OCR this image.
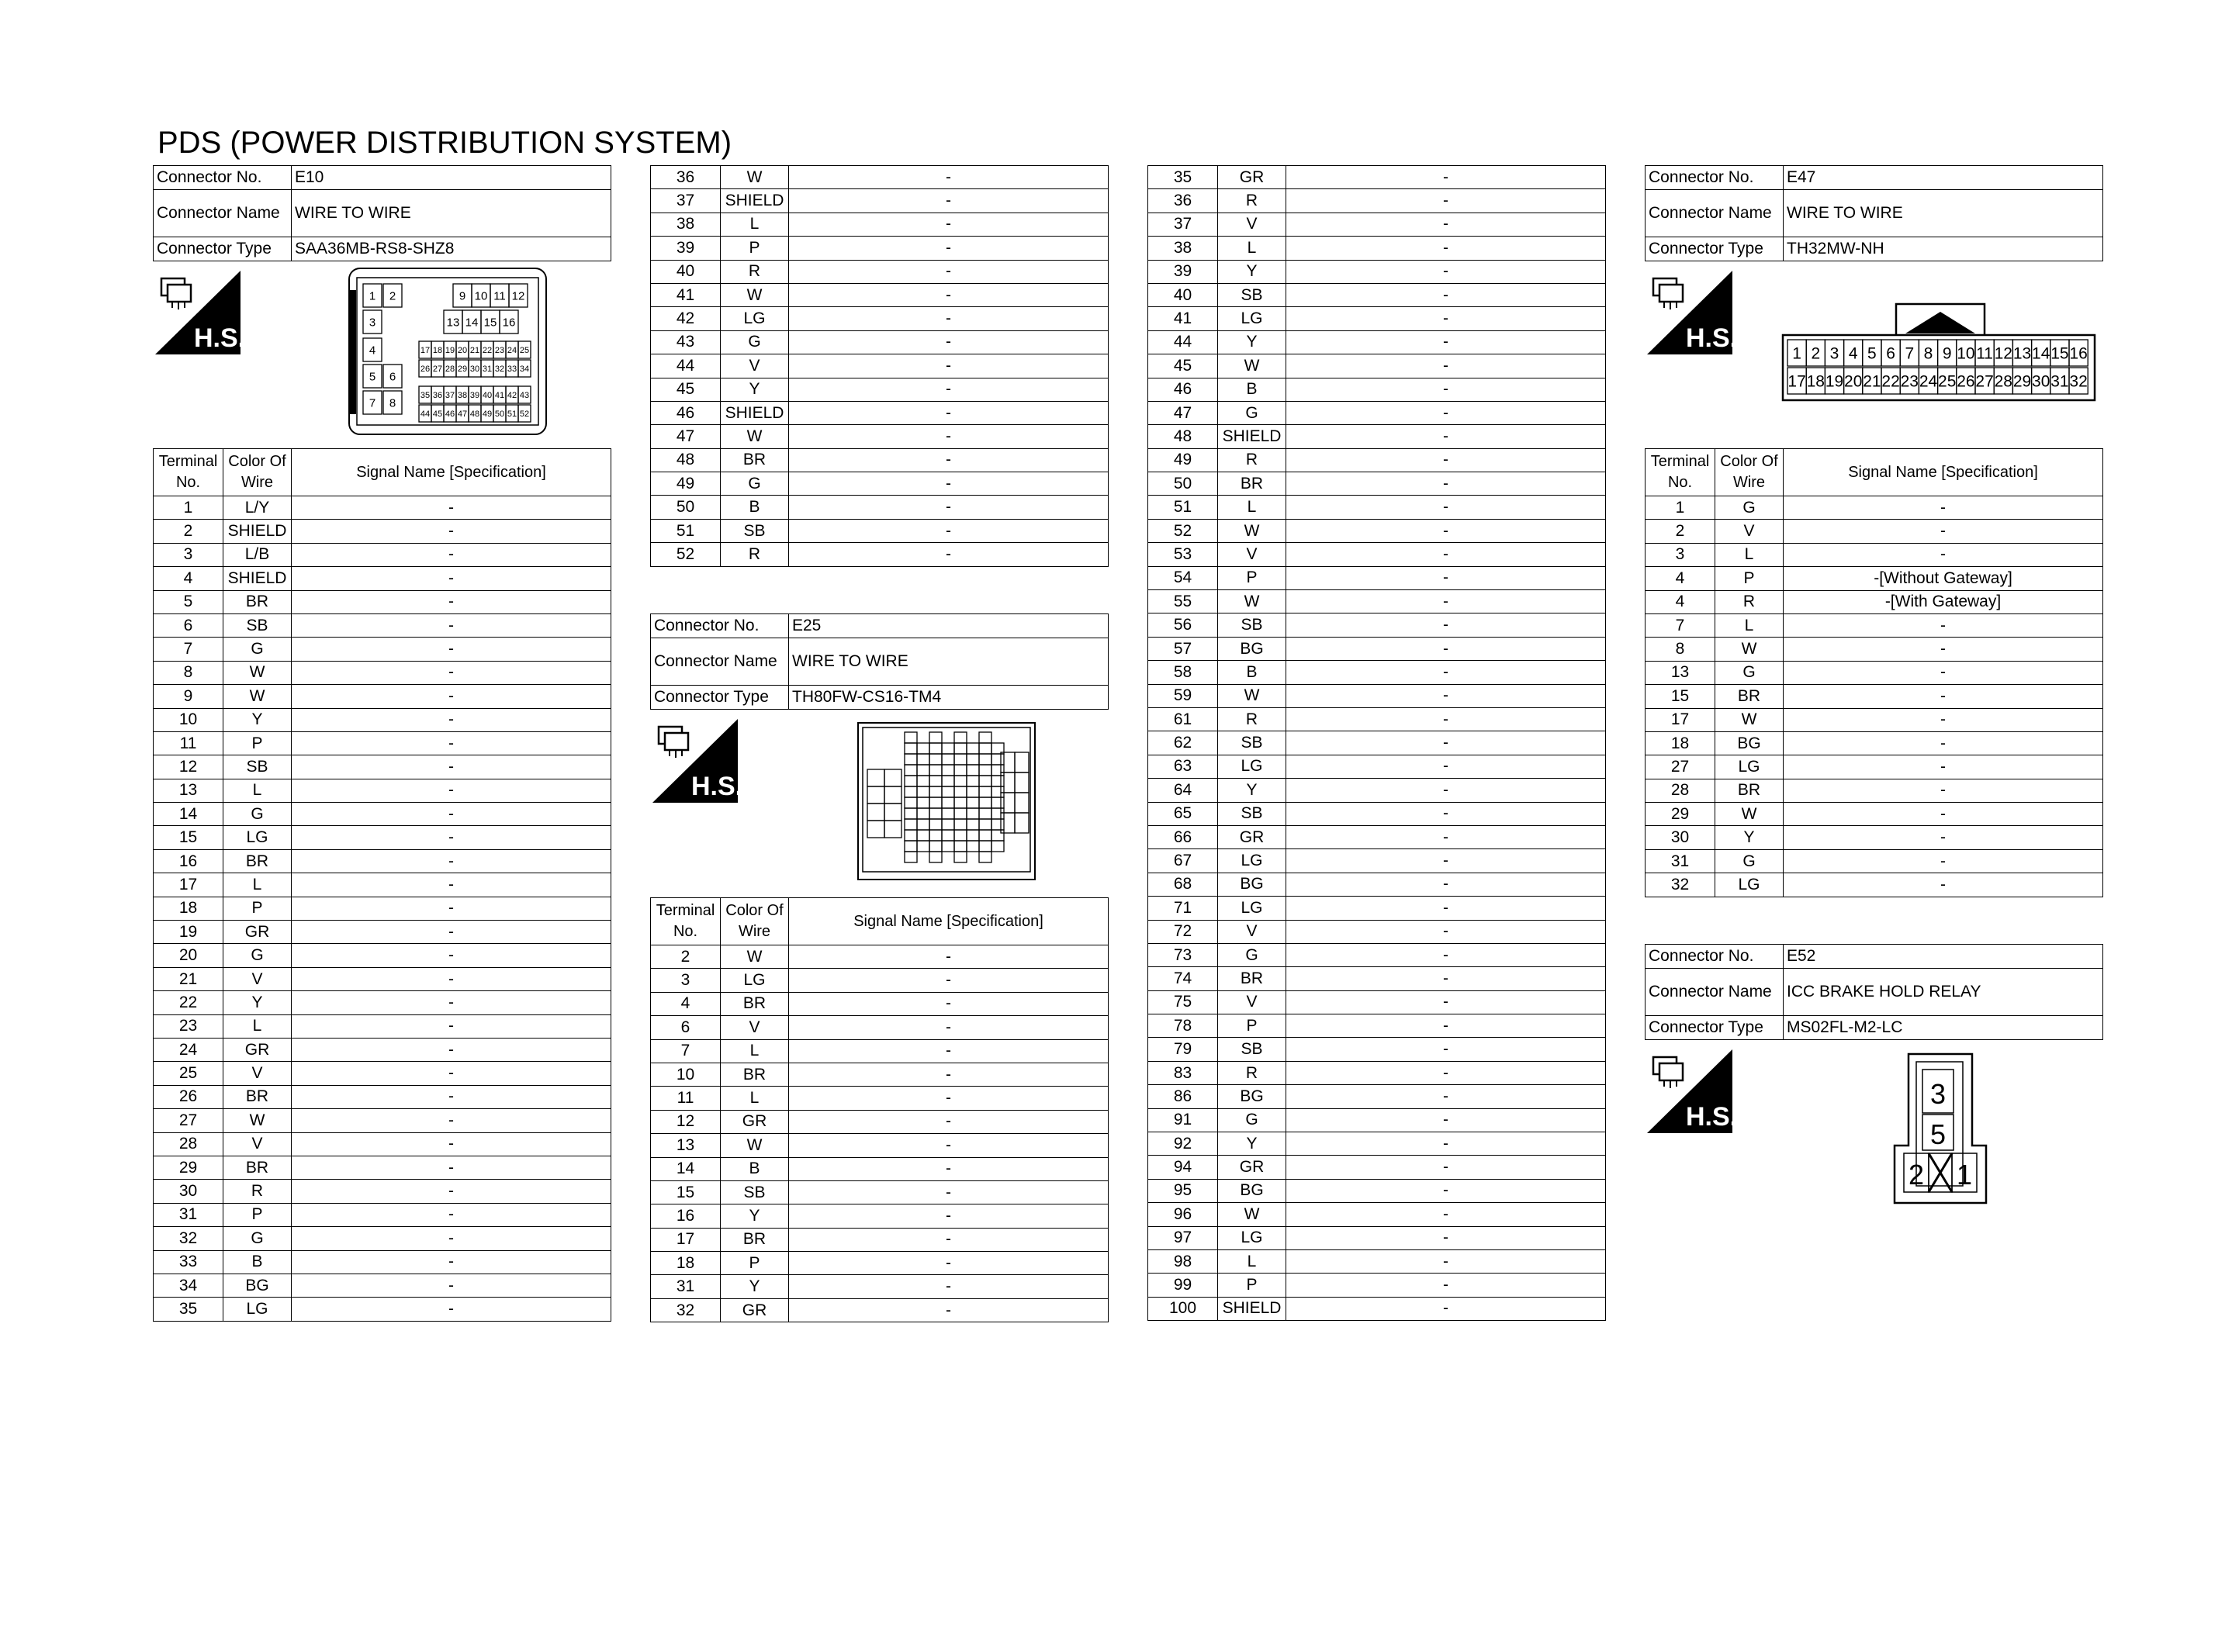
PDS (POWER DISTRIBUTION SYSTEM)
Connector No.	E10
Connector Name	WIRE TO WIRE
Connector Type	SAA36MB-RS8-SHZ8
H.S.
1 2	9 10 11 12
3	13 14 15 16
4	17 18 19 20 21 22 23 24 25
5 6
26 27 28 29 30 31 32 33 34
7 8
35 36 37 38 39 40 41 42 43
44 45 46 47 48 49 50 51 52
Terminal No.	Color Of Wire	Signal Name [Specification]
1	L/Y	-
2	SHIELD	-
3	L/B	-
4	SHIELD	-
5	BR	-
6	SB	-
7	G	-
8	W	-
9	W	-
10	Y	-
11	P	-
12	SB	-
13	L	-
14	G	-
15	LG	-
16	BR	-
17	L	-
18	P	-
19	GR	-
20	G	-
21	V	-
22	Y	-
23	L	-
24	GR	-
25	V	-
26	BR	-
27	W	-
28	V	-
29	BR	-
30	R	-
31	P	-
32	G	-
33	B	-
34	BG	-
35	LG	-
36	W	-
37	SHIELD	-
38	L	-
39	P	-
40	R	-
41	W	-
42	LG	-
43	G	-
44	V	-
45	Y	-
46	SHIELD	-
47	W	-
48	BR	-
49	G	-
50	B	-
51	SB	-
52	R	-
Connector No.	E25
Connector Name	WIRE TO WIRE
Connector Type	TH80FW-CS16-TM4
H.S.
Terminal No.	Color Of Wire	Signal Name [Specification]
2	W	-
3	LG	-
4	BR	-
6	V	-
7	L	-
10	BR	-
11	L	-
12	GR	-
13	W	-
14	B	-
15	SB	-
16	Y	-
17	BR	-
18	P	-
31	Y	-
32	GR	-
35	GR	-
36	R	-
37	V	-
38	L	-
39	Y	-
40	SB	-
41	LG	-
44	Y	-
45	W	-
46	B	-
47	G	-
48	SHIELD	-
49	R	-
50	BR	-
51	L	-
52	W	-
53	V	-
54	P	-
55	W	-
56	SB	-
57	BG	-
58	B	-
59	W	-
61	R	-
62	SB	-
63	LG	-
64	Y	-
65	SB	-
66	GR	-
67	LG	-
68	BG	-
71	LG	-
72	V	-
73	G	-
74	BR	-
75	V	-
78	P	-
79	SB	-
83	R	-
86	BG	-
91	G	-
92	Y	-
94	GR	-
95	BG	-
96	W	-
97	LG	-
98	L	-
99	P	-
100	SHIELD	-
Connector No.	E47
Connector Name	WIRE TO WIRE
Connector Type	TH32MW-NH
H.S.
1 2 3 4 5 6 7 8 9 10 11 12 13 14 15 16
17 18 19 20 21 22 23 24 25 26 27 28 29 30 31 32
Terminal No.	Color Of Wire	Signal Name [Specification]
1	G	-
2	V	-
3	L	-
4	P	-[Without Gateway]
4	R	-[With Gateway]
7	L	-
8	W	-
13	G	-
15	BR	-
17	W	-
18	BG	-
27	LG	-
28	BR	-
29	W	-
30	Y	-
31	G	-
32	LG	-
Connector No.	E52
Connector Name	ICC BRAKE HOLD RELAY
Connector Type	MS02FL-M2-LC
H.S.
3
5
2 1
